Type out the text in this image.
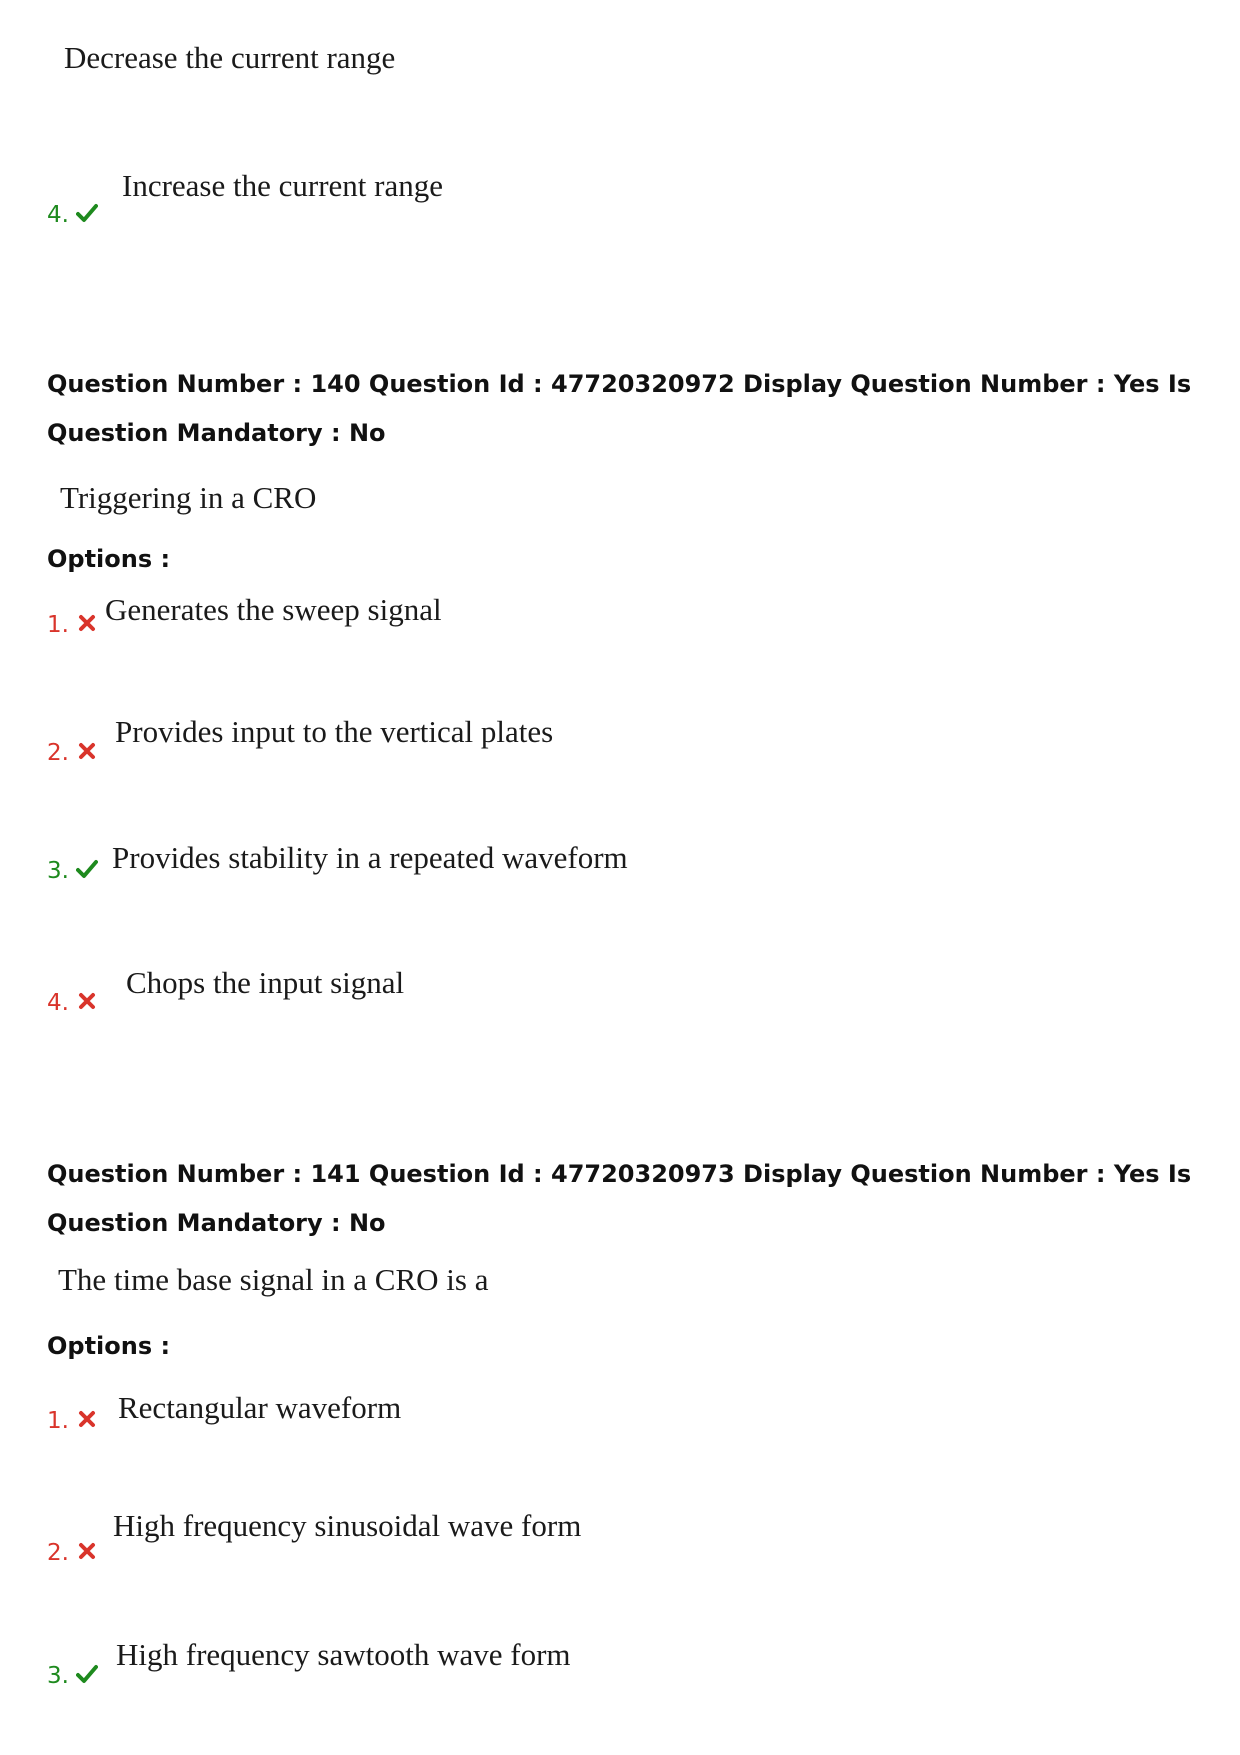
Decrease the current range
4.
Increase the current range
Question Number : 140 Question Id : 47720320972 Display Question Number : Yes Is Question Mandatory : No
Triggering in a CRO
Options :
1. Generates the sweep signal
2.
Provides input to the vertical plates
3. Provides stability in a repeated waveform
4.
Chops the input signal
Question Number : 141 Question Id : 47720320973 Display Question Number : Yes Is Question Mandatory : No
The time base signal in a CRO is a
Options :
1. Rectangular waveform
2.
High frequency sinusoidal wave form
3.
High frequency sawtooth wave form
